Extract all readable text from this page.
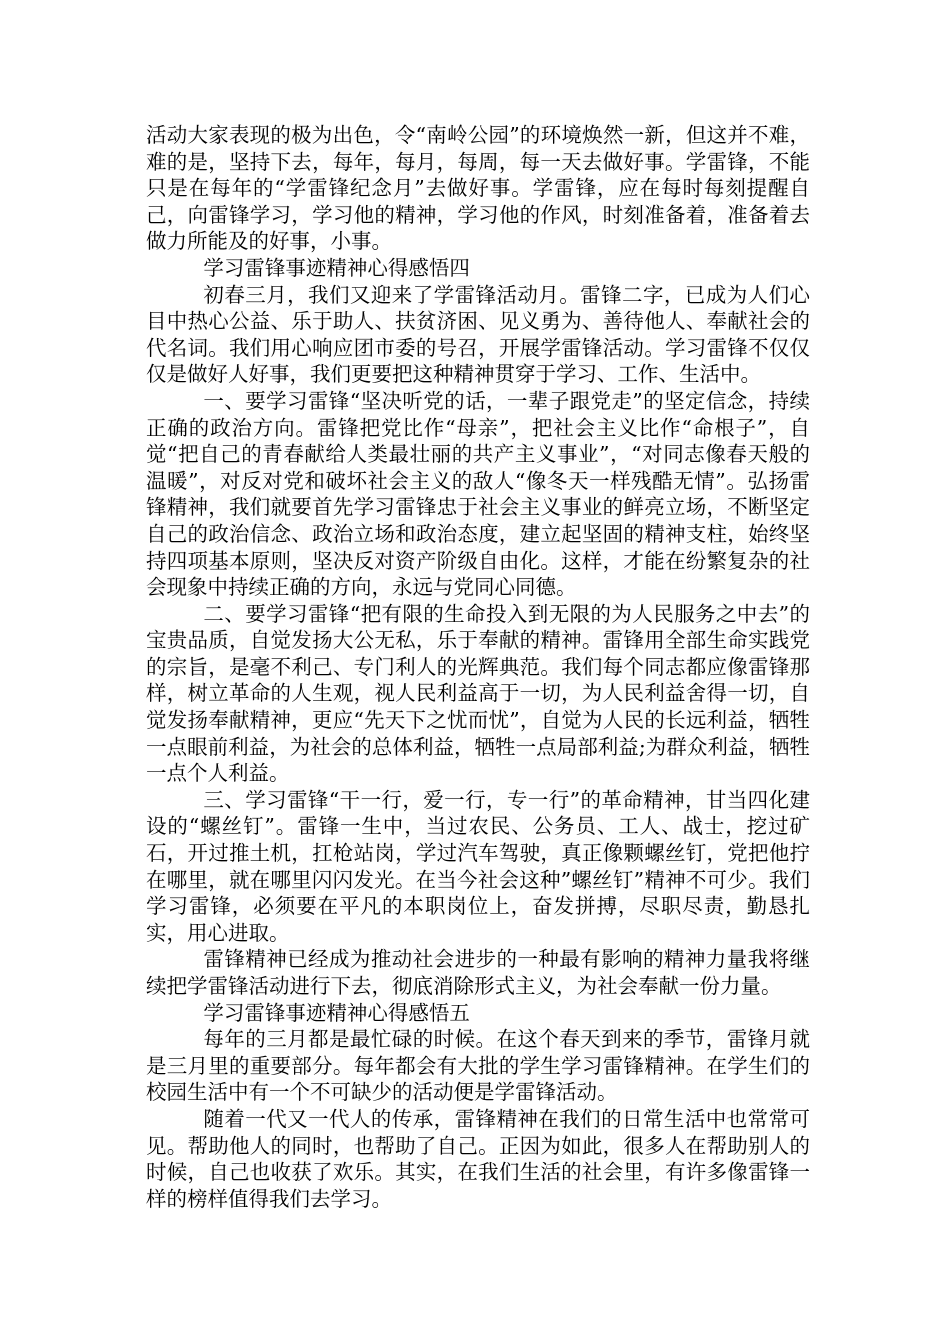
活动大家表现的极为出色，令“南岭公园”的环境焕然一新，但这并不难，难的是，坚持下去，每年，每月，每周，每一天去做好事。学雷锋，不能只是在每年的“学雷锋纪念月”去做好事。学雷锋，应在每时每刻提醒自己，向雷锋学习，学习他的精神，学习他的作风，时刻准备着，准备着去做力所能及的好事，小事。

学习雷锋事迹精神心得感悟四

初春三月，我们又迎来了学雷锋活动月。雷锋二字，已成为人们心目中热心公益、乐于助人、扶贫济困、见义勇为、善待他人、奉献社会的代名词。我们用心响应团市委的号召，开展学雷锋活动。学习雷锋不仅仅仅是做好人好事，我们更要把这种精神贯穿于学习、工作、生活中。

一、要学习雷锋“坚决听党的话，一辈子跟党走”的坚定信念，持续正确的政治方向。雷锋把党比作“母亲”，把社会主义比作“命根子”，自觉“把自己的青春献给人类最壮丽的共产主义事业”，“对同志像春天般的温暖”，对反对党和破坏社会主义的敌人“像冬天一样残酷无情”。弘扬雷锋精神，我们就要首先学习雷锋忠于社会主义事业的鲜亮立场，不断坚定自己的政治信念、政治立场和政治态度，建立起坚固的精神支柱，始终坚持四项基本原则，坚决反对资产阶级自由化。这样，才能在纷繁复杂的社会现象中持续正确的方向，永远与党同心同德。

二、要学习雷锋“把有限的生命投入到无限的为人民服务之中去”的宝贵品质，自觉发扬大公无私，乐于奉献的精神。雷锋用全部生命实践党的宗旨，是毫不利己、专门利人的光辉典范。我们每个同志都应像雷锋那样，树立革命的人生观，视人民利益高于一切，为人民利益舍得一切，自觉发扬奉献精神，更应“先天下之忧而忧”，自觉为人民的长远利益，牺牲一点眼前利益，为社会的总体利益，牺牲一点局部利益;为群众利益，牺牲一点个人利益。

三、学习雷锋“干一行，爱一行，专一行”的革命精神，甘当四化建设的“螺丝钉”。雷锋一生中，当过农民、公务员、工人、战士，挖过矿石，开过推土机，扛枪站岗，学过汽车驾驶，真正像颗螺丝钉，党把他拧在哪里，就在哪里闪闪发光。在当今社会这种”螺丝钉”精神不可少。我们学习雷锋，必须要在平凡的本职岗位上，奋发拼搏，尽职尽责，勤恳扎实，用心进取。

雷锋精神已经成为推动社会进步的一种最有影响的精神力量我将继续把学雷锋活动进行下去，彻底消除形式主义，为社会奉献一份力量。

学习雷锋事迹精神心得感悟五

每年的三月都是最忙碌的时候。在这个春天到来的季节，雷锋月就是三月里的重要部分。每年都会有大批的学生学习雷锋精神。在学生们的校园生活中有一个不可缺少的活动便是学雷锋活动。

随着一代又一代人的传承，雷锋精神在我们的日常生活中也常常可见。帮助他人的同时，也帮助了自己。正因为如此，很多人在帮助别人的时候，自己也收获了欢乐。其实，在我们生活的社会里，有许多像雷锋一样的榜样值得我们去学习。
